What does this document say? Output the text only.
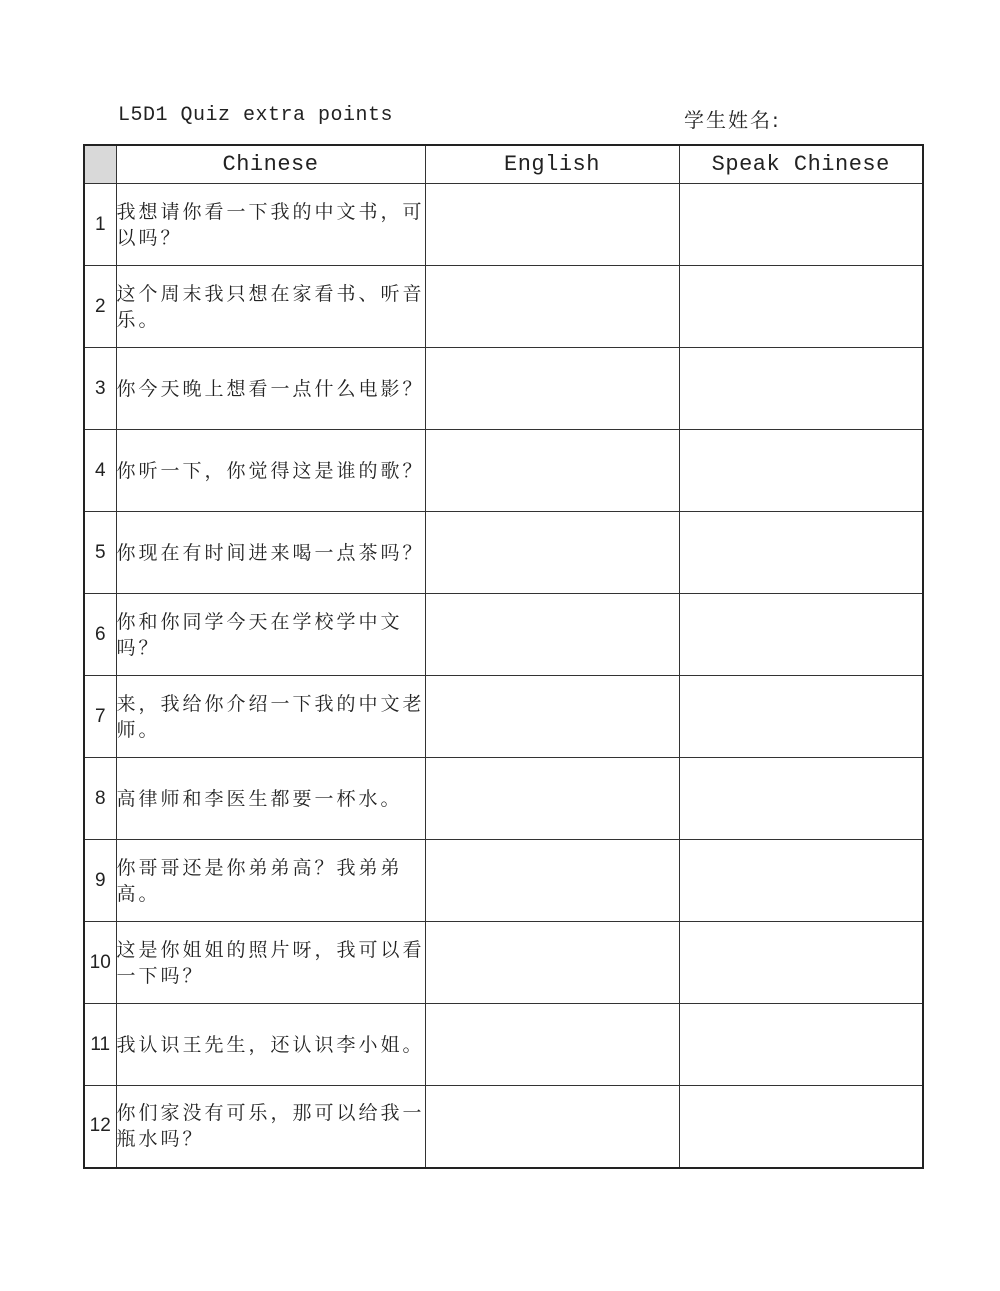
L5D1 Quiz extra points	学生姓名:
	Chinese	English	Speak Chinese
1	我想请你看一下我的中文书，可以吗？		
2	这个周末我只想在家看书、听音乐。		
3	你今天晚上想看一点什么电影？		
4	你听一下，你觉得这是谁的歌？		
5	你现在有时间进来喝一点茶吗？		
6	你和你同学今天在学校学中文吗？		
7	来，我给你介绍一下我的中文老师。		
8	高律师和李医生都要一杯水。		
9	你哥哥还是你弟弟高？我弟弟高。		
10	这是你姐姐的照片呀，我可以看一下吗？		
11	我认识王先生，还认识李小姐。		
12	你们家没有可乐，那可以给我一瓶水吗？		
